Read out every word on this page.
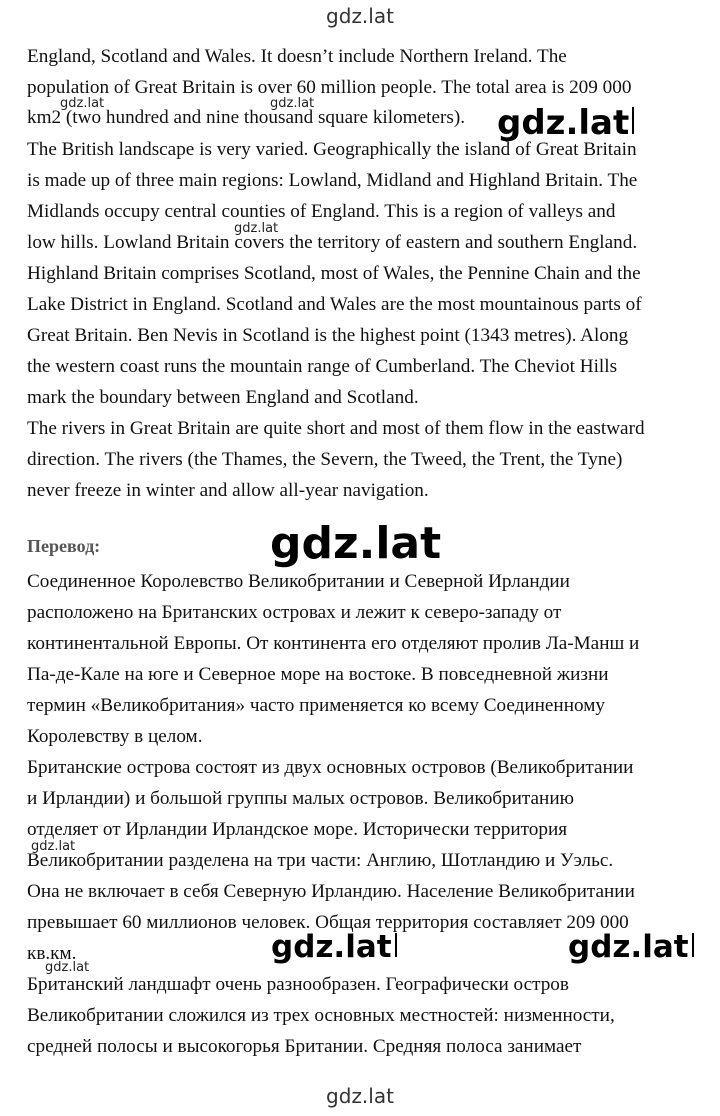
gdz.lat
gdz.lat	gdz.lat	gdz.lat
gdz.lat
gdz.lat
gdz.lat
gdz.lat	gdz.lat
gdz.lat
gdz.lat
England, Scotland and Wales. It doesn’t include Northern Ireland. The
population of Great Britain is over 60 million people. The total area is 209 000
km2 (two hundred and nine thousand square kilometers).
The British landscape is very varied. Geographically the island of Great Britain
is made up of three main regions: Lowland, Midland and Highland Britain. The
Midlands occupy central counties of England. This is a region of valleys and
low hills. Lowland Britain covers the territory of eastern and southern England.
Highland Britain comprises Scotland, most of Wales, the Pennine Chain and the
Lake District in England. Scotland and Wales are the most mountainous parts of
Great Britain. Ben Nevis in Scotland is the highest point (1343 metres). Along
the western coast runs the mountain range of Cumberland. The Cheviot Hills
mark the boundary between England and Scotland.
The rivers in Great Britain are quite short and most of them flow in the eastward
direction. The rivers (the Thames, the Severn, the Tweed, the Trent, the Tyne)
never freeze in winter and allow all-year navigation.
Перевод:
Соединенное Королевство Великобритании и Северной Ирландии
расположено на Британских островах и лежит к северо-западу от
континентальной Европы. От континента его отделяют пролив Ла-Манш и
Па-де-Кале на юге и Северное море на востоке. В повседневной жизни
термин «Великобритания» часто применяется ко всему Соединенному
Королевству в целом.
Британские острова состоят из двух основных островов (Великобритании
и Ирландии) и большой группы малых островов. Великобританию
отделяет от Ирландии Ирландское море. Исторически территория
Великобритании разделена на три части: Англию, Шотландию и Уэльс.
Она не включает в себя Северную Ирландию. Население Великобритании
превышает 60 миллионов человек. Общая территория составляет 209 000
кв.км.
Британский ландшафт очень разнообразен. Географически остров
Великобритании сложился из трех основных местностей: низменности,
средней полосы и высокогорья Британии. Средняя полоса занимает
